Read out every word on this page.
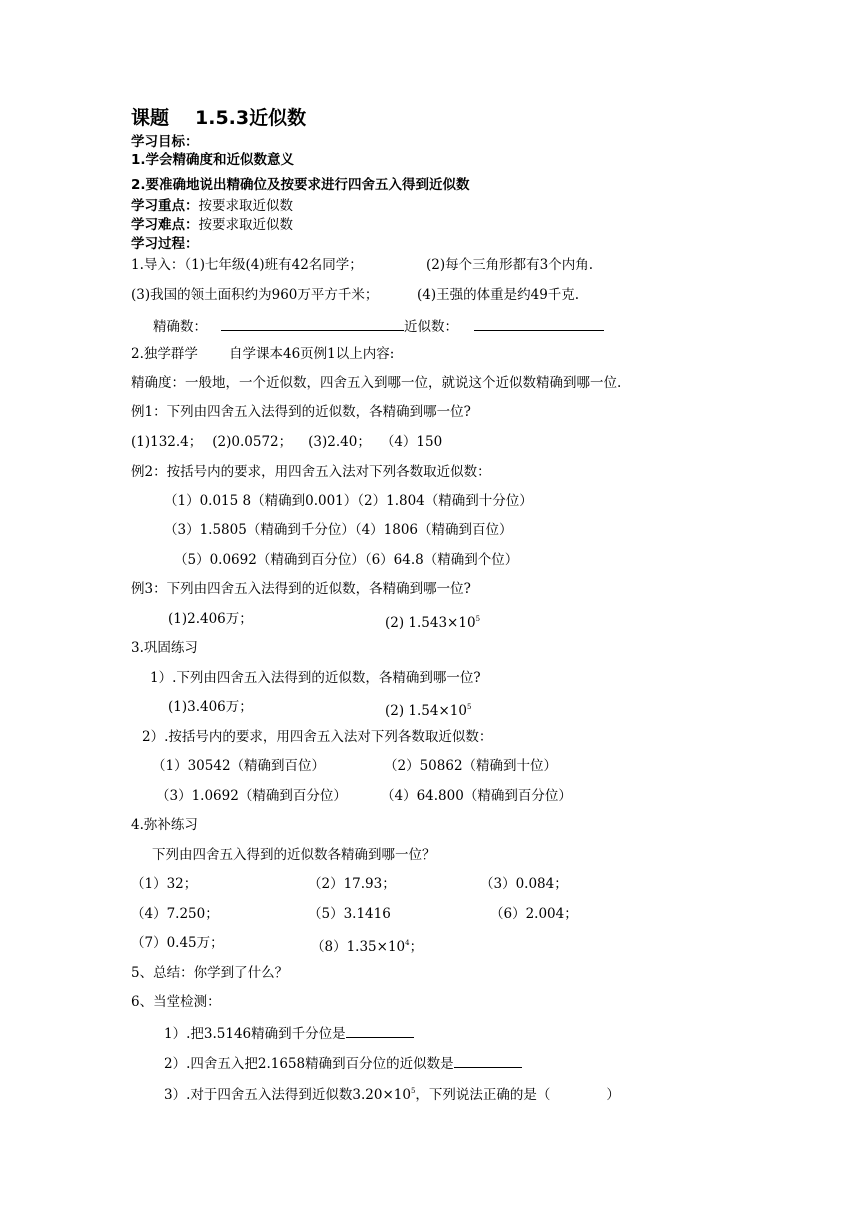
课题 1.5.3近似数
学习目标：
1.学会精确度和近似数意义
2.要准确地说出精确位及按要求进行四舍五入得到近似数
学习重点：按要求取近似数
学习难点：按要求取近似数
学习过程：
1.导入：（1)七年级(4)班有42名同学；	(2)每个三角形都有3个内角.
(3)我国的领土面积约为960万平方千米；	(4)王强的体重是约49千克.
精确数：	近似数：
2.独学群学 自学课本46页例1以上内容:
精确度：一般地，一个近似数，四舍五入到哪一位，就说这个近似数精确到哪一位.
例1：下列由四舍五入法得到的近似数，各精确到哪一位?
(1)132.4； (2)0.0572； (3)2.40； （4）150
例2：按括号内的要求，用四舍五入法对下列各数取近似数：
（1）0.015 8（精确到0.001）（2）1.804（精确到十分位）
（3）1.5805（精确到千分位）（4）1806（精确到百位）
（5）0.0692（精确到百分位）（6）64.8（精确到个位）
例3：下列由四舍五入法得到的近似数，各精确到哪一位?
(1)2.406万；	(2) $1.543\times 10^5$
3.巩固练习
1）.下列由四舍五入法得到的近似数，各精确到哪一位?
(1)3.406万；	(2) $1.54\times 10^5$
2）.按括号内的要求，用四舍五入法对下列各数取近似数：
（1）30542（精确到百位）	（2）50862（精确到十位）
（3）1.0692（精确到百分位）	（4）64.800（精确到百分位）
4.弥补练习
下列由四舍五入得到的近似数各精确到哪一位？
（1）32；	（2）17.93；	（3）0.084；
（4）7.250；	（5）3.1416	（6）2.004；
（7）0.45万；	$(8)1.35\times 10^4$；
5、总结：你学到了什么？
6、当堂检测：
1）.把3.5146精确到千分位是
2）.四舍五入把2.1658精确到百分位的近似数是
3）.对于四舍五入法得到近似数$3.20\times 10^5$，下列说法正确的是（	）
